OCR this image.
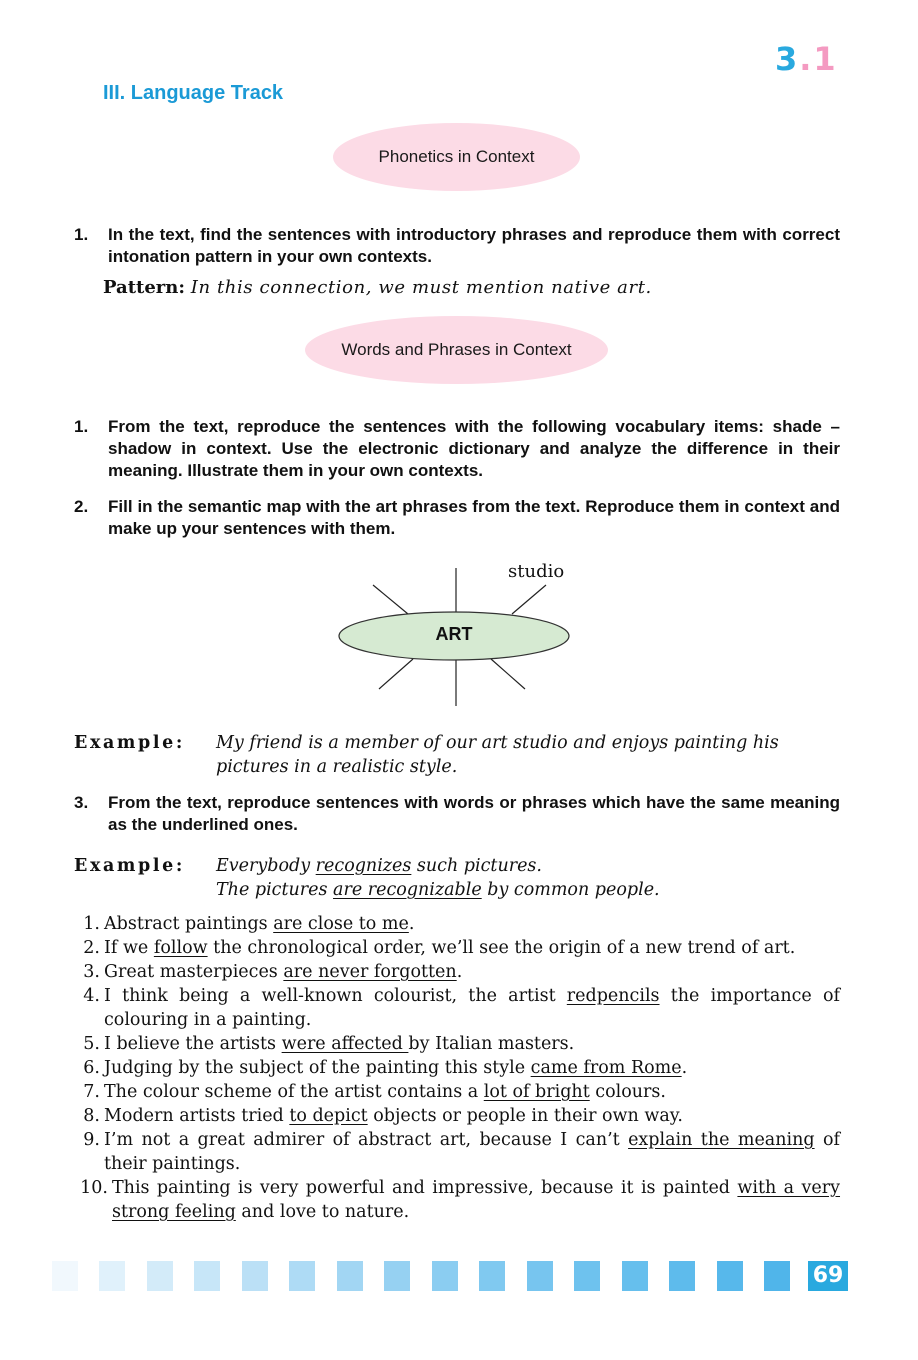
3.1
III. Language Track
Phonetics in Context
1. In the text, find the sentences with introductory phrases and reproduce them with correct intonation pattern in your own contexts.
Pattern: In this connection, we must mention native art.
Words and Phrases in Context
1. From the text, reproduce the sentences with the following vocabulary items: shade – shadow in context. Use the electronic dictionary and analyze the difference in their meaning. Illustrate them in your own contexts.
2. Fill in the semantic map with the art phrases from the text. Reproduce them in context and make up your sentences with them.
ART
studio
Example: My friend is a member of our art studio and enjoys painting his pictures in a realistic style.
3. From the text, reproduce sentences with words or phrases which have the same meaning as the underlined ones.
Example: Everybody recognizes such pictures.
The pictures are recognizable by common people.
1. Abstract paintings are close to me.
2. If we follow the chronological order, we’ll see the origin of a new trend of art.
3. Great masterpieces are never forgotten.
4. I think being a well-known colourist, the artist redpencils the importance of colouring in a painting.
5. I believe the artists were affected by Italian masters.
6. Judging by the subject of the painting this style came from Rome.
7. The colour scheme of the artist contains a lot of bright colours.
8. Modern artists tried to depict objects or people in their own way.
9. I’m not a great admirer of abstract art, because I can’t explain the meaning of their paintings.
10. This painting is very powerful and impressive, because it is painted with a very strong feeling and love to nature.
69
